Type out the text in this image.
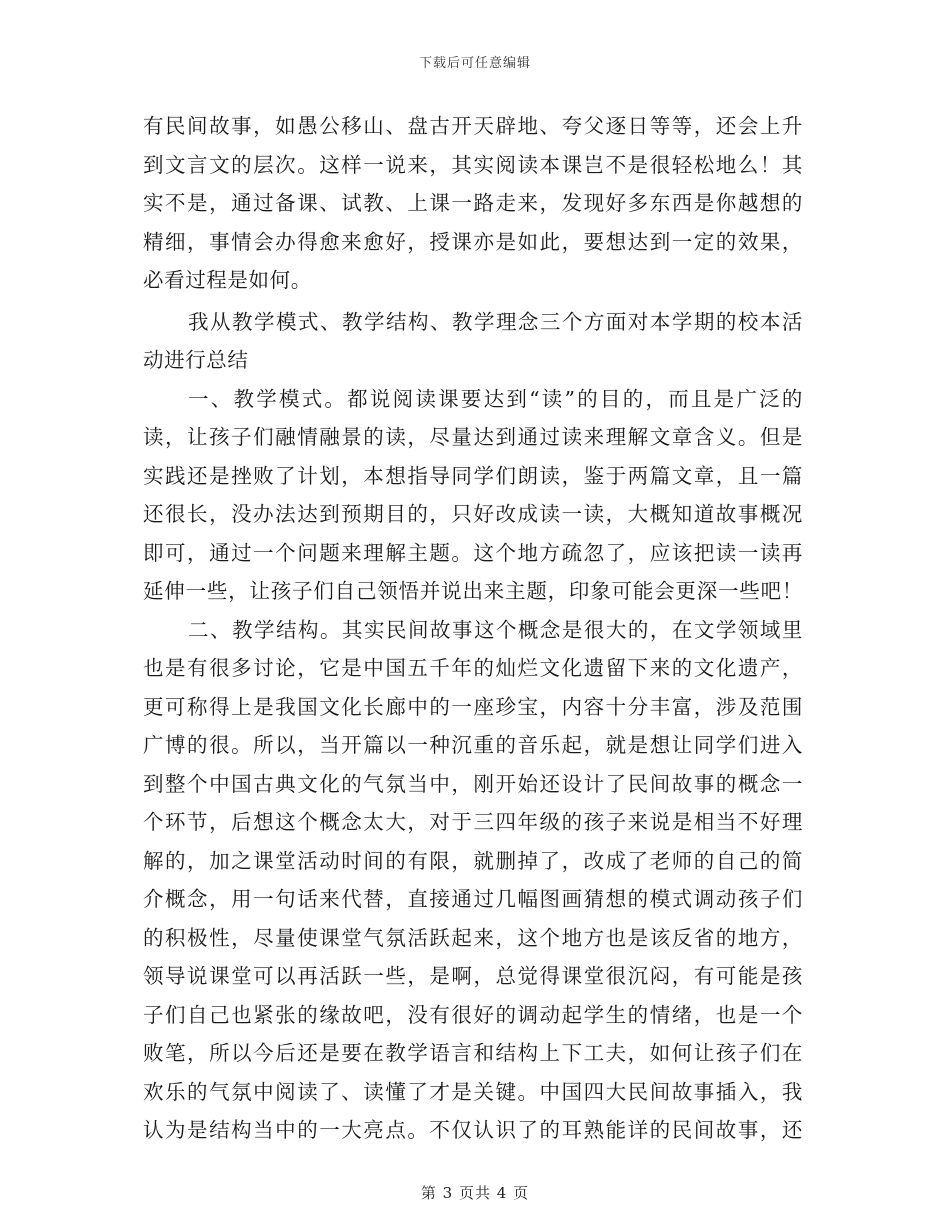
下载后可任意编辑
有民间故事，如愚公移山、盘古开天辟地、夸父逐日等等，还会上升
到文言文的层次。这样一说来，其实阅读本课岂不是很轻松地么！其
实不是，通过备课、试教、上课一路走来，发现好多东西是你越想的
精细，事情会办得愈来愈好，授课亦是如此，要想达到一定的效果，
必看过程是如何。
我从教学模式、教学结构、教学理念三个方面对本学期的校本活
动进行总结
一、教学模式。都说阅读课要达到“读”的目的，而且是广泛的
读，让孩子们融情融景的读，尽量达到通过读来理解文章含义。但是
实践还是挫败了计划，本想指导同学们朗读，鉴于两篇文章，且一篇
还很长，没办法达到预期目的，只好改成读一读，大概知道故事概况
即可，通过一个问题来理解主题。这个地方疏忽了，应该把读一读再
延伸一些，让孩子们自己领悟并说出来主题，印象可能会更深一些吧！
二、教学结构。其实民间故事这个概念是很大的，在文学领域里
也是有很多讨论，它是中国五千年的灿烂文化遗留下来的文化遗产，
更可称得上是我国文化长廊中的一座珍宝，内容十分丰富，涉及范围
广博的很。所以，当开篇以一种沉重的音乐起，就是想让同学们进入
到整个中国古典文化的气氛当中，刚开始还设计了民间故事的概念一
个环节，后想这个概念太大，对于三四年级的孩子来说是相当不好理
解的，加之课堂活动时间的有限，就删掉了，改成了老师的自己的简
介概念，用一句话来代替，直接通过几幅图画猜想的模式调动孩子们
的积极性，尽量使课堂气氛活跃起来，这个地方也是该反省的地方，
领导说课堂可以再活跃一些，是啊，总觉得课堂很沉闷，有可能是孩
子们自己也紧张的缘故吧，没有很好的调动起学生的情绪，也是一个
败笔，所以今后还是要在教学语言和结构上下工夫，如何让孩子们在
欢乐的气氛中阅读了、读懂了才是关键。中国四大民间故事插入，我
认为是结构当中的一大亮点。不仅认识了的耳熟能详的民间故事，还
第 3 页共 4 页
